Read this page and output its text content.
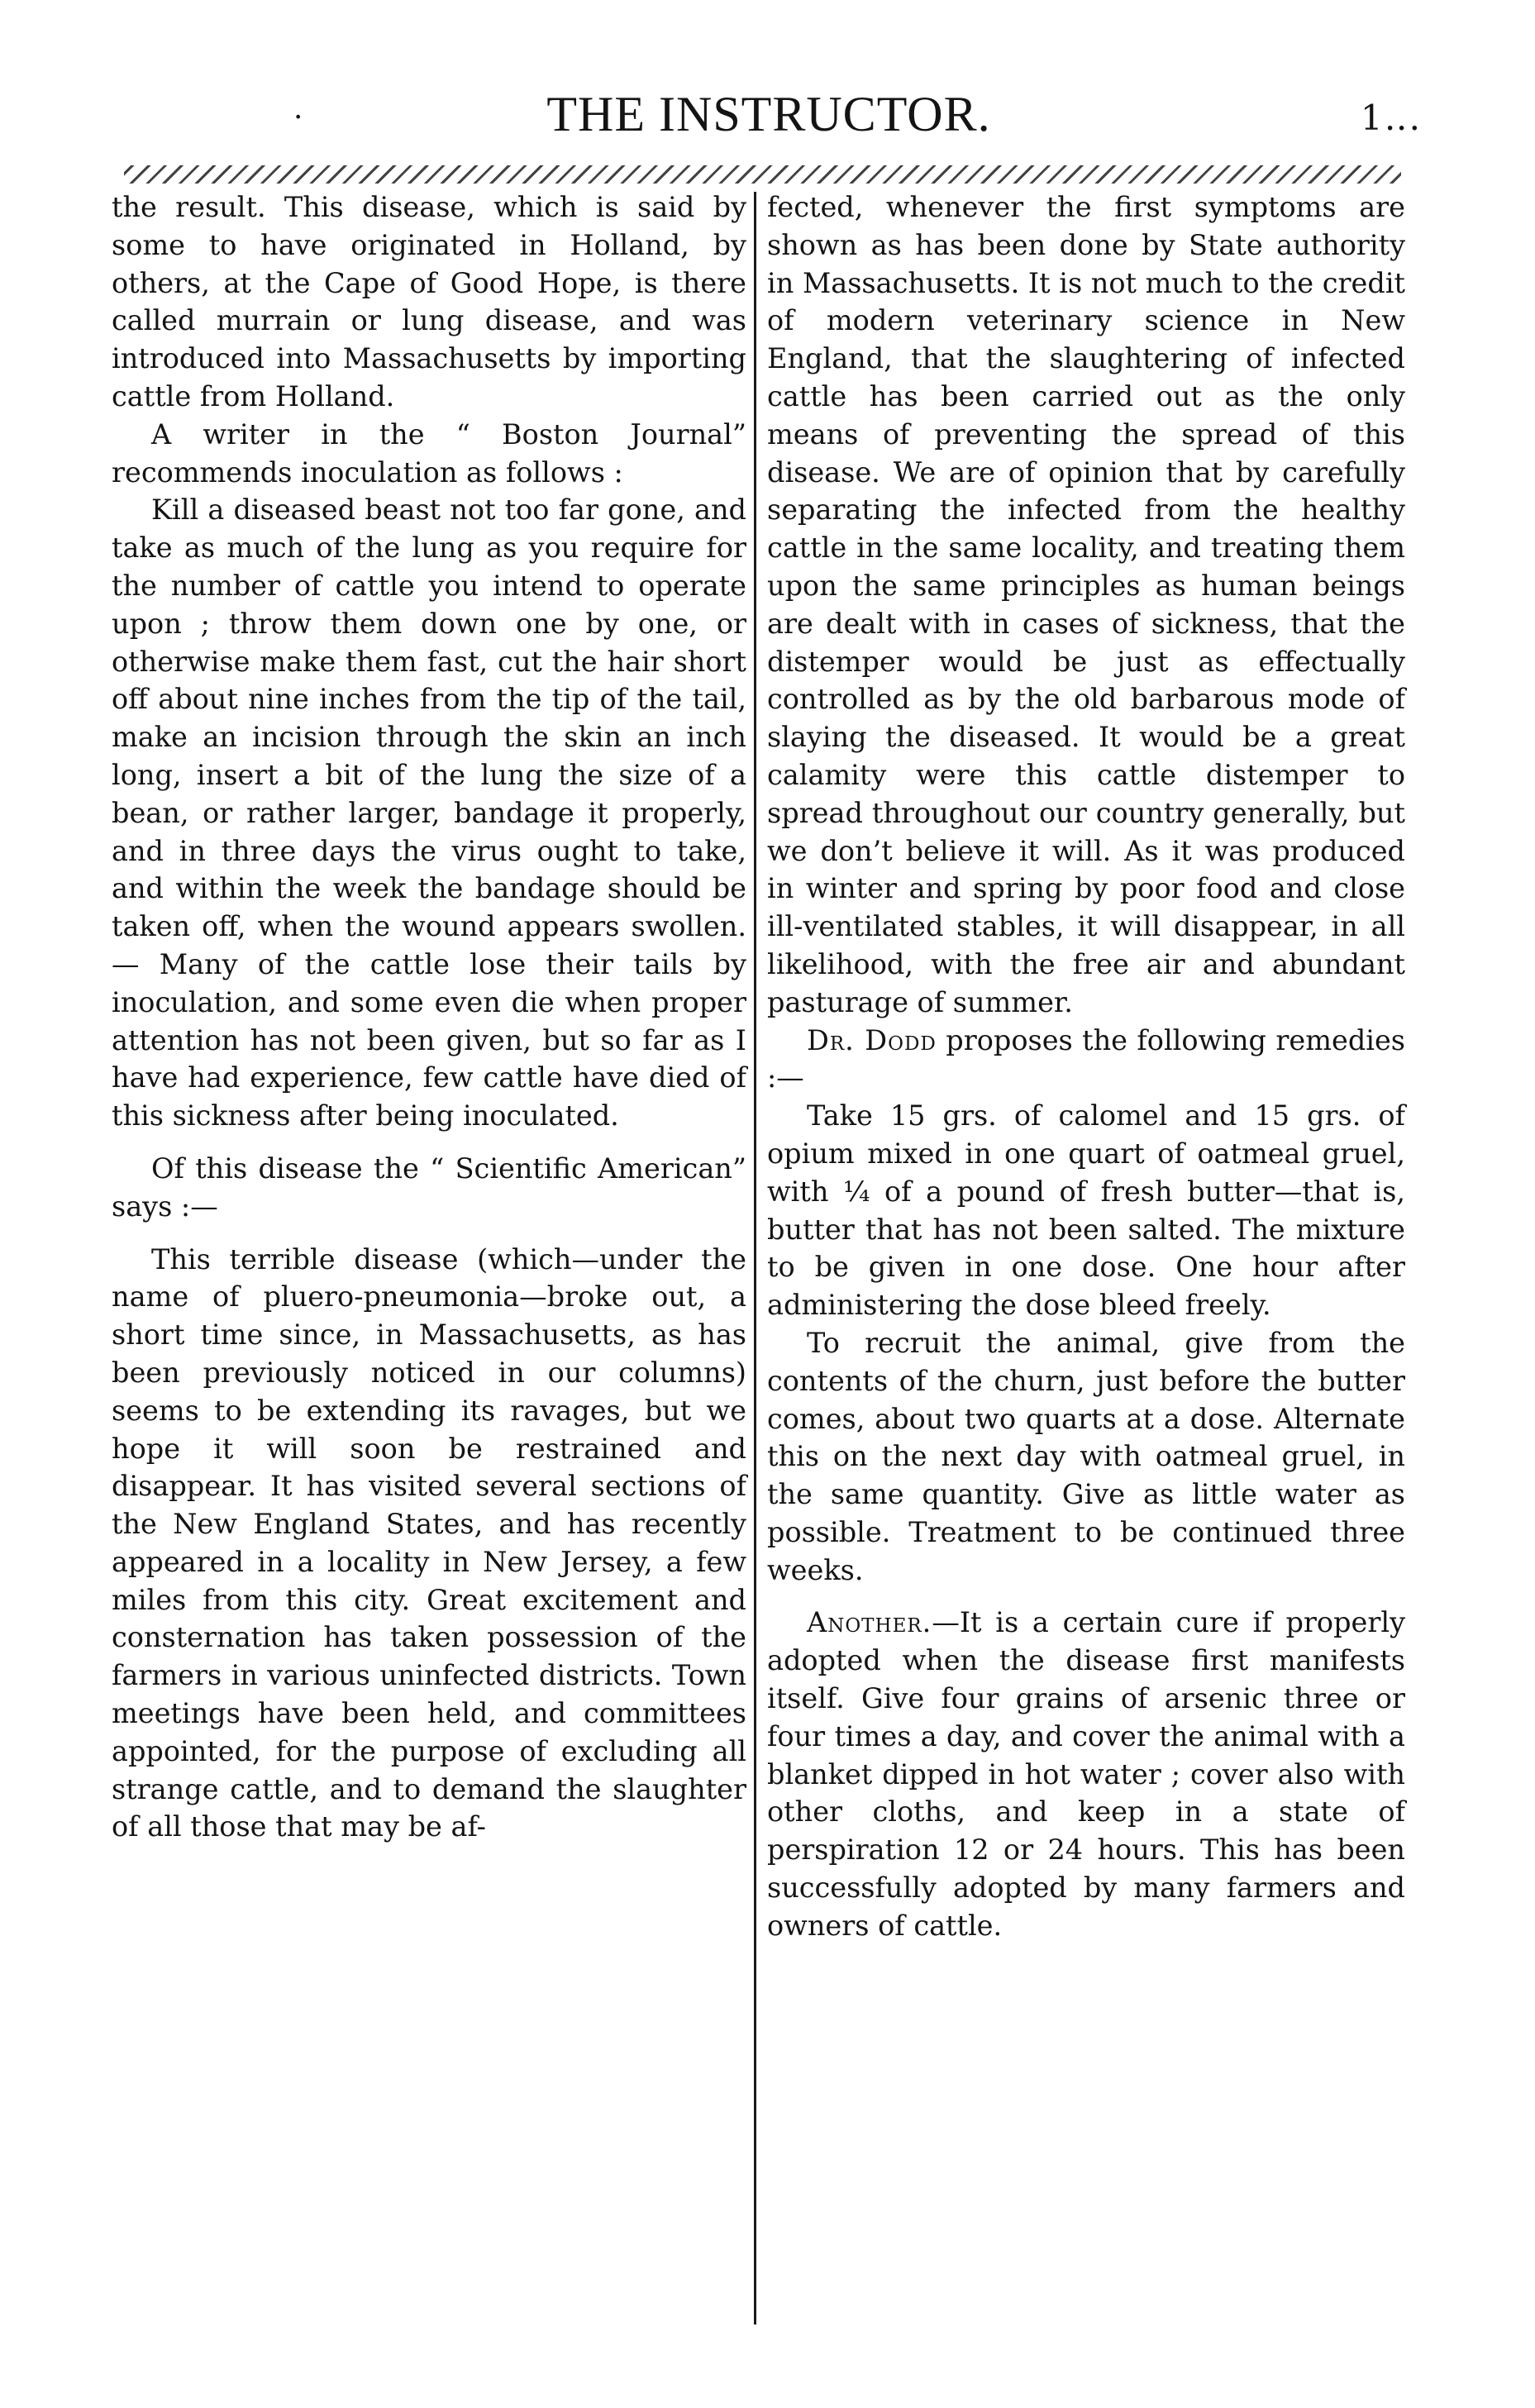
·	THE INSTRUCTOR.	1‥.

the result. This disease, which is said by some to have originated in Holland, by others, at the Cape of Good Hope, is there called murrain or lung disease, and was introduced into Massachusetts by importing cattle from Holland.

A writer in the “ Boston Journal” recommends inoculation as follows :

Kill a diseased beast not too far gone, and take as much of the lung as you require for the number of cattle you intend to operate upon ; throw them down one by one, or otherwise make them fast, cut the hair short off about nine inches from the tip of the tail, make an incision through the skin an inch long, insert a bit of the lung the size of a bean, or rather larger, bandage it properly, and in three days the virus ought to take, and within the week the bandage should be taken off, when the wound appears swollen.— Many of the cattle lose their tails by inoculation, and some even die when proper attention has not been given, but so far as I have had experience, few cattle have died of this sickness after being inoculated.

Of this disease the “ Scientific American” says :—

This terrible disease (which—under the name of pluero-pneumonia—broke out, a short time since, in Massachusetts, as has been previously noticed in our columns) seems to be extending its ravages, but we hope it will soon be restrained and disappear. It has visited several sections of the New England States, and has recently appeared in a locality in New Jersey, a few miles from this city. Great excitement and consternation has taken possession of the farmers in various uninfected districts. Town meetings have been held, and committees appointed, for the purpose of excluding all strange cattle, and to demand the slaughter of all those that may be af-

fected, whenever the first symptoms are shown as has been done by State authority in Massachusetts. It is not much to the credit of modern veterinary science in New England, that the slaughtering of infected cattle has been carried out as the only means of preventing the spread of this disease. We are of opinion that by carefully separating the infected from the healthy cattle in the same locality, and treating them upon the same principles as human beings are dealt with in cases of sickness, that the distemper would be just as effectually controlled as by the old barbarous mode of slaying the diseased. It would be a great calamity were this cattle distemper to spread throughout our country generally, but we don’t believe it will. As it was produced in winter and spring by poor food and close ill-ventilated stables, it will disappear, in all likelihood, with the free air and abundant pasturage of summer.

Dr. Dodd proposes the following remedies :—

Take 15 grs. of calomel and 15 grs. of opium mixed in one quart of oatmeal gruel, with ¼ of a pound of fresh butter—that is, butter that has not been salted. The mixture to be given in one dose. One hour after administering the dose bleed freely.

To recruit the animal, give from the contents of the churn, just before the butter comes, about two quarts at a dose. Alternate this on the next day with oatmeal gruel, in the same quantity. Give as little water as possible. Treatment to be continued three weeks.

Another.—It is a certain cure if properly adopted when the disease first manifests itself. Give four grains of arsenic three or four times a day, and cover the animal with a blanket dipped in hot water ; cover also with other cloths, and keep in a state of perspiration 12 or 24 hours. This has been successfully adopted by many farmers and owners of cattle.
